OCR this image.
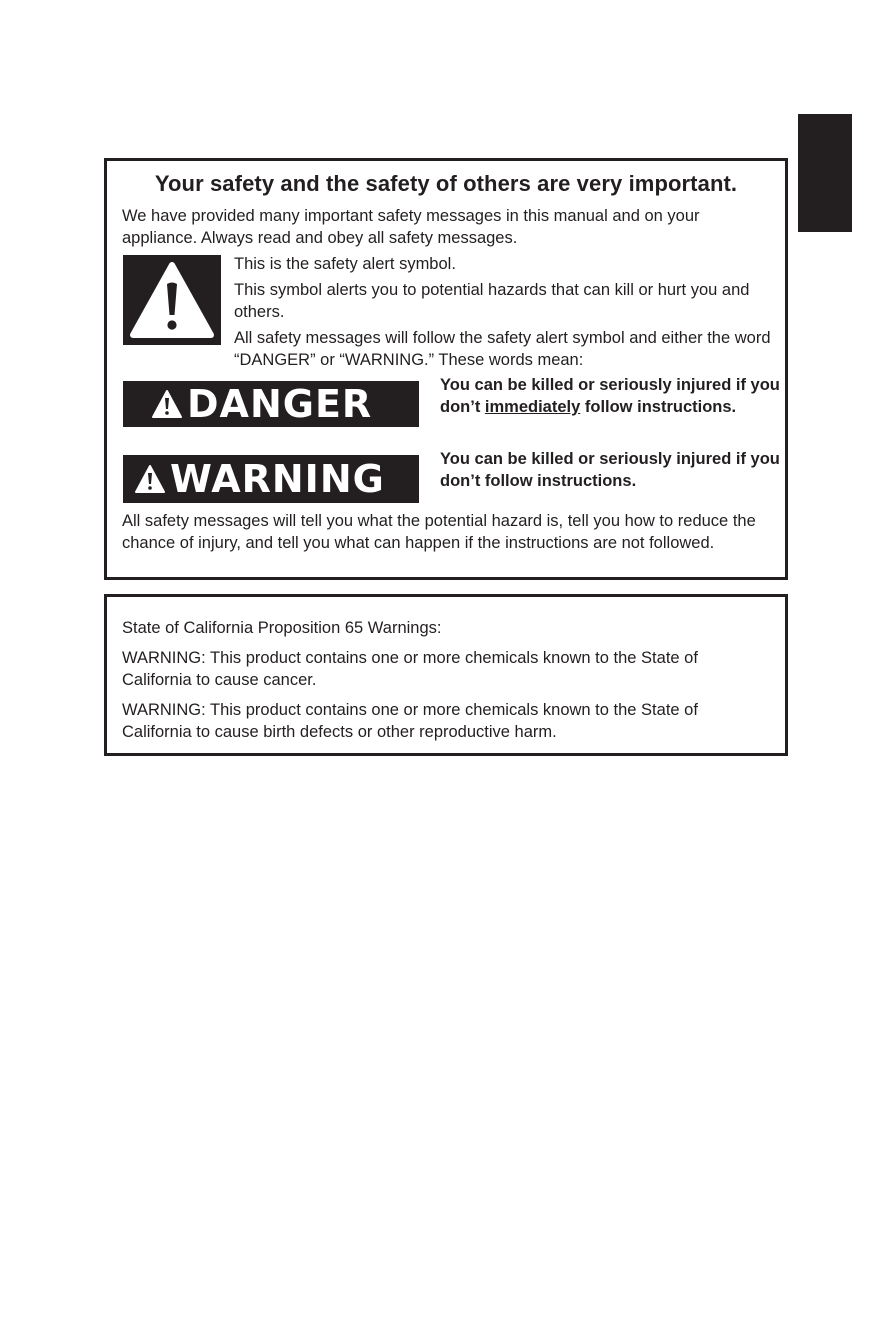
Your safety and the safety of others are very important.

We have provided many important safety messages in this manual and on your appliance. Always read and obey all safety messages.

This is the safety alert symbol.

This symbol alerts you to potential hazards that can kill or hurt you and others.

All safety messages will follow the safety alert symbol and either the word “DANGER” or “WARNING.” These words mean:

DANGER	You can be killed or seriously injured if you don’t immediately follow instructions.

WARNING	You can be killed or seriously injured if you don’t follow instructions.

All safety messages will tell you what the potential hazard is, tell you how to reduce the chance of injury, and tell you what can happen if the instructions are not followed.

State of California Proposition 65 Warnings:

WARNING: This product contains one or more chemicals known to the State of California to cause cancer.

WARNING: This product contains one or more chemicals known to the State of California to cause birth defects or other reproductive harm.
